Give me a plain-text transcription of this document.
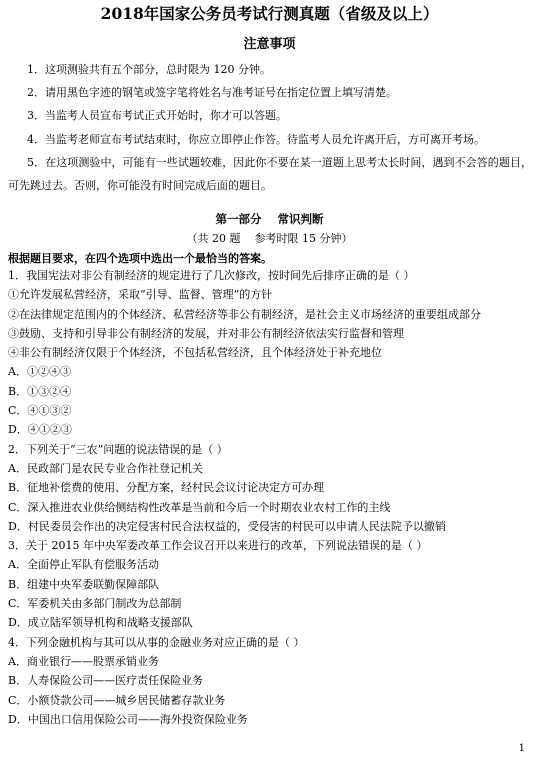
2018年国家公务员考试行测真题（省级及以上）
注意事项

1．这项测验共有五个部分，总时限为 120 分钟。

2．请用黑色字迹的钢笔或签字笔将姓名与准考证号在指定位置上填写清楚。

3．当监考人员宣布考试正式开始时，你才可以答题。

4．当监考老师宣布考试结束时，你应立即停止作答。待监考人员允许离开后，方可离开考场。

5．在这项测验中，可能有一些试题较难，因此你不要在某一道题上思考太长时间，遇到不会答的题目，可先跳过去。否则，你可能没有时间完成后面的题目。

第一部分    常识判断
（共 20 题    参考时限 15 分钟）
根据题目要求，在四个选项中选出一个最恰当的答案。
1．我国宪法对非公有制经济的规定进行了几次修改，按时间先后排序正确的是（ ）
①允许发展私营经济，采取“引导、监督、管理”的方针
②在法律规定范围内的个体经济、私营经济等非公有制经济，是社会主义市场经济的重要组成部分
③鼓励、支持和引导非公有制经济的发展，并对非公有制经济依法实行监督和管理
④非公有制经济仅限于个体经济，不包括私营经济，且个体经济处于补充地位
A．①②④③
B．①③②④
C．④①③②
D．④①②③
2．下列关于“三农”问题的说法错误的是（ ）
A．民政部门是农民专业合作社登记机关
B．征地补偿费的使用、分配方案，经村民会议讨论决定方可办理
C．深入推进农业供给侧结构性改革是当前和今后一个时期农业农村工作的主线
D．村民委员会作出的决定侵害村民合法权益的，受侵害的村民可以申请人民法院予以撤销
3．关于 2015 年中央军委改革工作会议召开以来进行的改革，下列说法错误的是（ ）
A．全面停止军队有偿服务活动
B．组建中央军委联勤保障部队
C．军委机关由多部门制改为总部制
D．成立陆军领导机构和战略支援部队
4．下列金融机构与其可以从事的金融业务对应正确的是（ ）
A．商业银行——股票承销业务
B．人寿保险公司——医疗责任保险业务
C．小额贷款公司——城乡居民储蓄存款业务
D．中国出口信用保险公司——海外投资保险业务
1
